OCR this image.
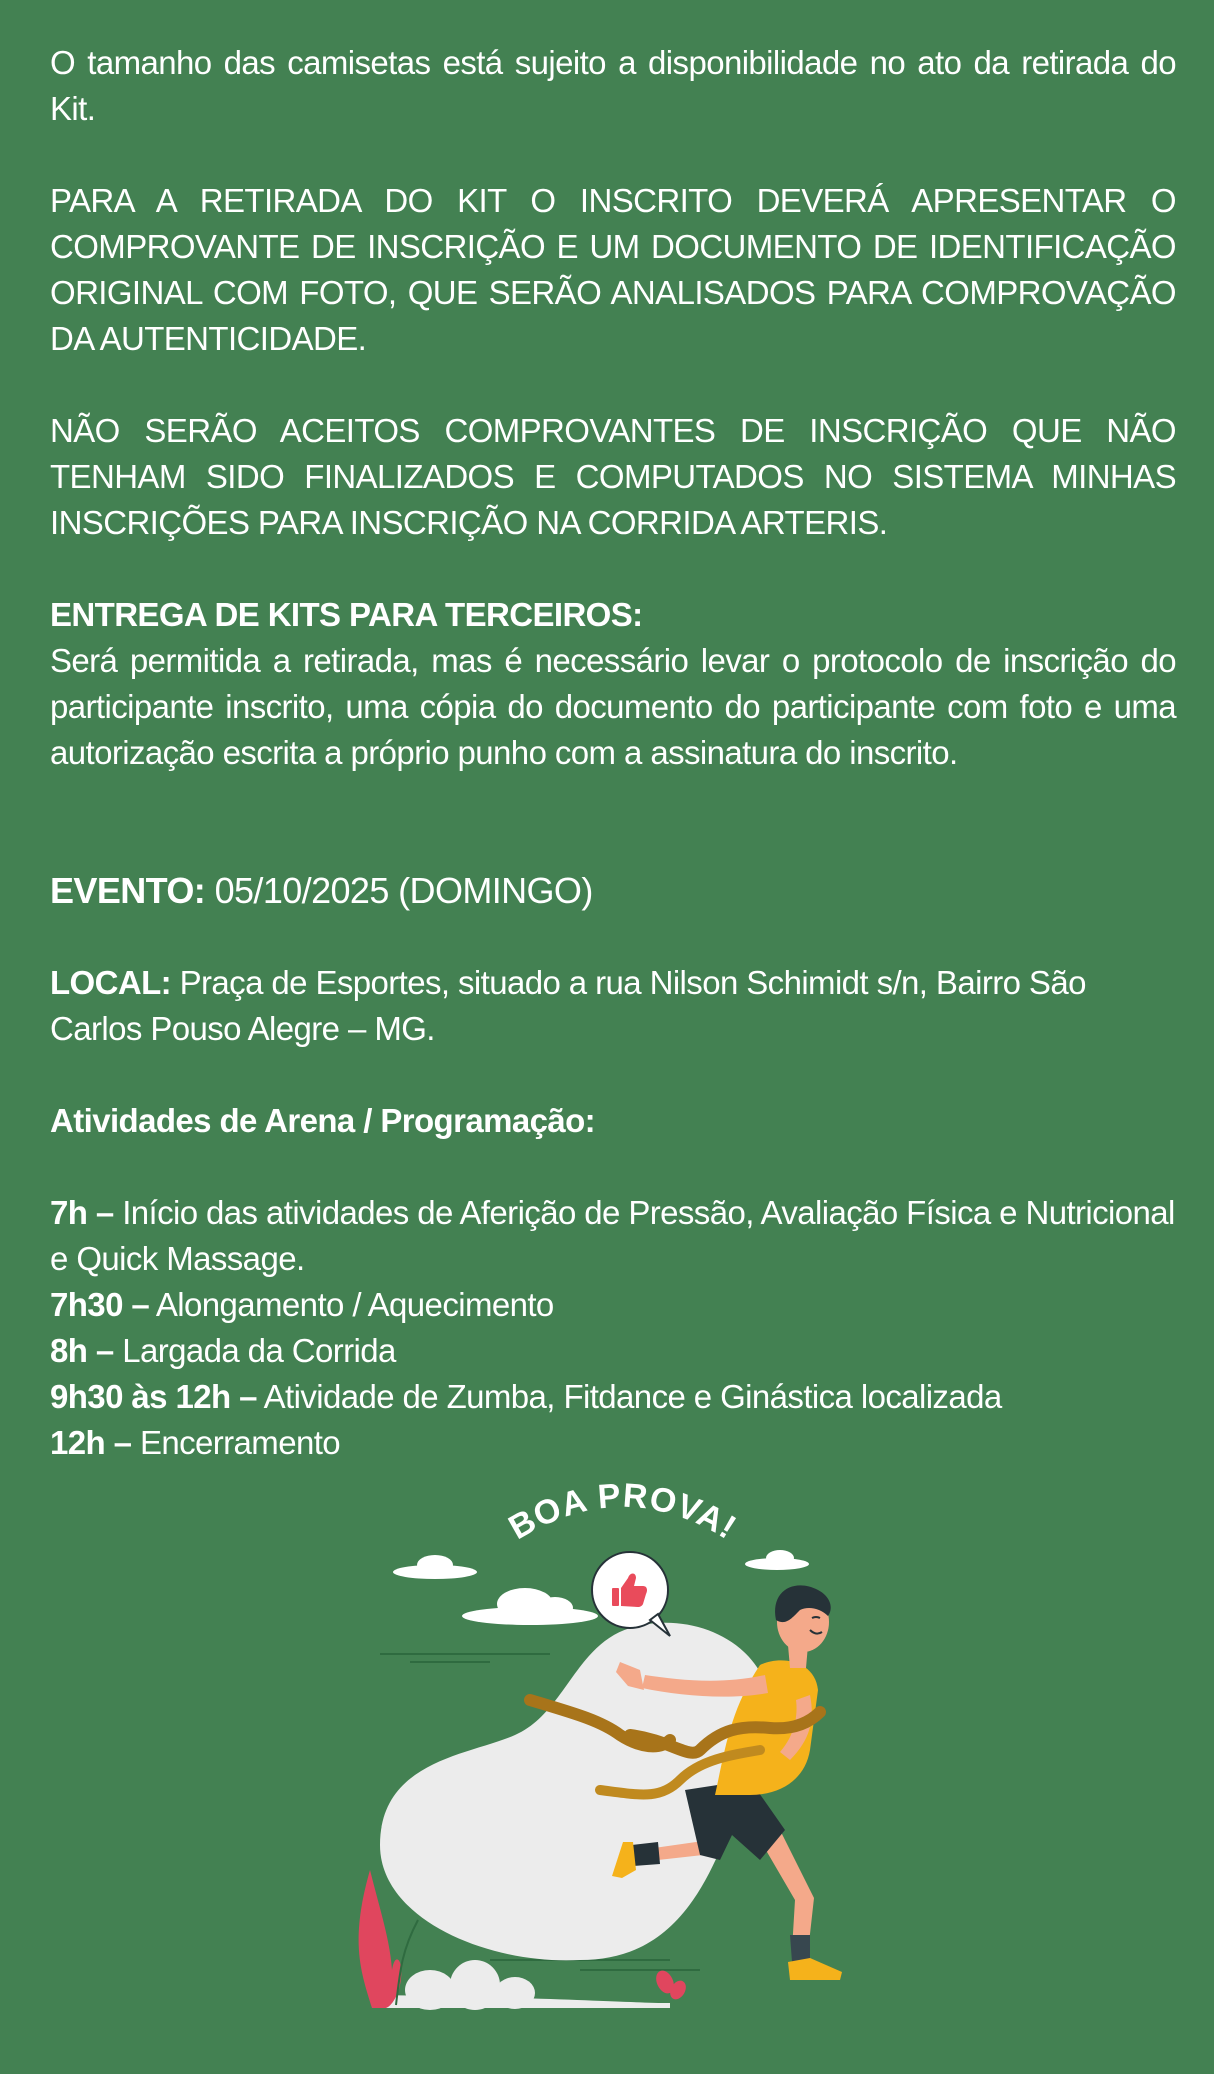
O tamanho das camisetas está sujeito a disponibilidade no ato da retirada do Kit.

PARA A RETIRADA DO KIT O INSCRITO DEVERÁ APRESENTAR O COMPROVANTE DE INSCRIÇÃO E UM DOCUMENTO DE IDENTIFICAÇÃO ORIGINAL COM FOTO, QUE SERÃO ANALISADOS PARA COMPROVAÇÃO DA AUTENTICIDADE.

NÃO SERÃO ACEITOS COMPROVANTES DE INSCRIÇÃO QUE NÃO TENHAM SIDO FINALIZADOS E COMPUTADOS NO SISTEMA MINHAS INSCRIÇÕES PARA INSCRIÇÃO NA CORRIDA ARTERIS.

ENTREGA DE KITS PARA TERCEIROS:

Será permitida a retirada, mas é necessário levar o protocolo de inscrição do participante inscrito, uma cópia do documento do participante com foto e uma autorização escrita a próprio punho com a assinatura do inscrito.

EVENTO: 05/10/2025 (DOMINGO)

LOCAL: Praça de Esportes, situado a rua Nilson Schimidt s/n, Bairro São Carlos Pouso Alegre – MG.

Atividades de Arena / Programação:

7h – Início das atividades de Aferição de Pressão, Avaliação Física e Nutricional e Quick Massage.

7h30 – Alongamento / Aquecimento

8h – Largada da Corrida

9h30 às 12h – Atividade de Zumba, Fitdance e Ginástica localizada

12h – Encerramento

BOA PROVA!
